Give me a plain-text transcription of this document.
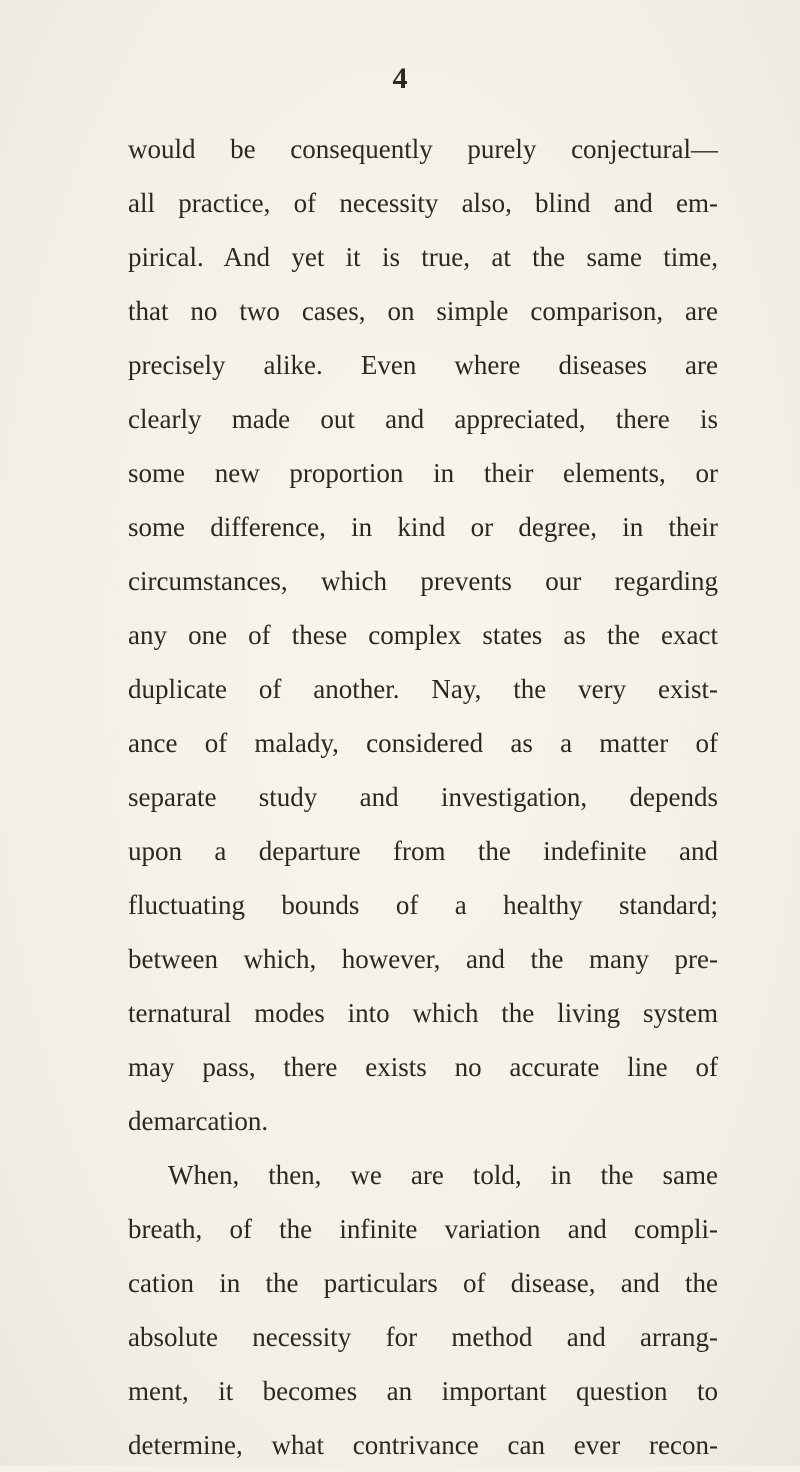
4
would be consequently purely conjectural—
all practice, of necessity also, blind and em-
pirical. And yet it is true, at the same time,
that no two cases, on simple comparison, are
precisely alike. Even where diseases are
clearly made out and appreciated, there is
some new proportion in their elements, or
some difference, in kind or degree, in their
circumstances, which prevents our regarding
any one of these complex states as the exact
duplicate of another. Nay, the very exist-
ance of malady, considered as a matter of
separate study and investigation, depends
upon a departure from the indefinite and
fluctuating bounds of a healthy standard;
between which, however, and the many pre-
ternatural modes into which the living system
may pass, there exists no accurate line of
demarcation.
When, then, we are told, in the same
breath, of the infinite variation and compli-
cation in the particulars of disease, and the
absolute necessity for method and arrang-
ment, it becomes an important question to
determine, what contrivance can ever recon-
